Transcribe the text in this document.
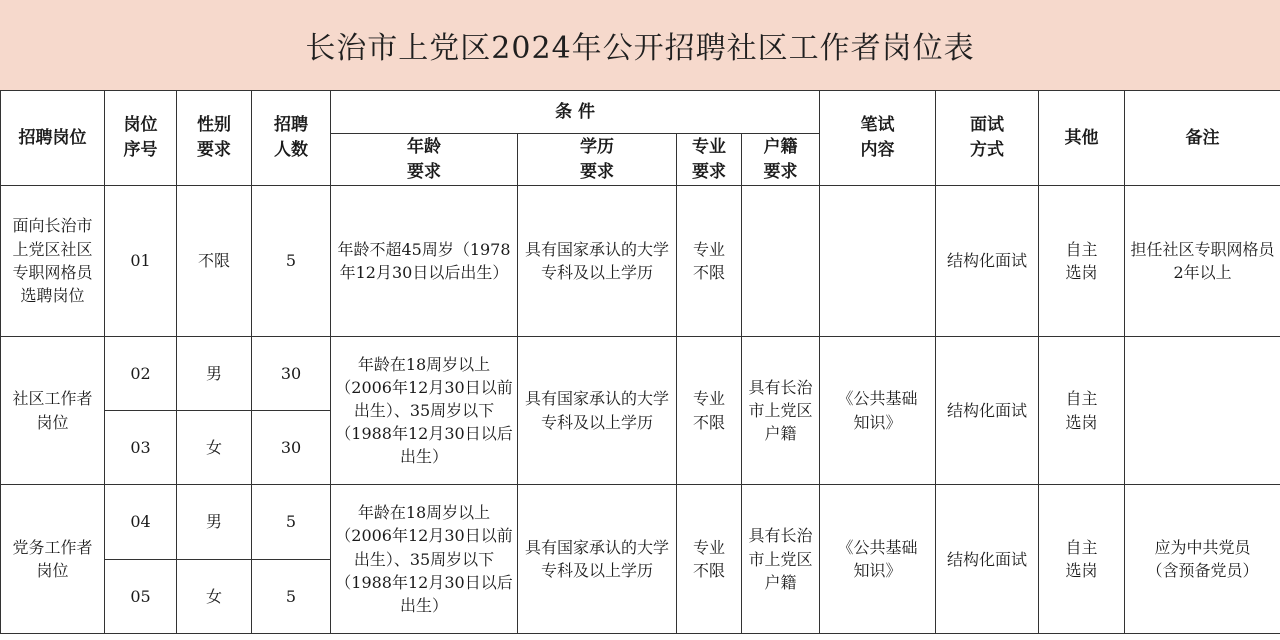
长治市上党区2024年公开招聘社区工作者岗位表
招聘岗位	岗位序号	性别要求	招聘人数	条 件				笔试内容	面试方式	其他	备注

				年龄要求	学历要求	专业要求	户籍要求				

面向长治市上党区社区专职网格员选聘岗位	01	不限	5	年龄不超45周岁（1978年12月30日以后出生）	具有国家承认的大学专科及以上学历	专业不限			结构化面试	自主选岗	担任社区专职网格员2年以上
社区工作者岗位	02	男	30	年龄在18周岁以上（2006年12月30日以前出生）、35周岁以下（1988年12月30日以后出生）	具有国家承认的大学专科及以上学历	专业不限	具有长治市上党区户籍	《公共基础知识》	结构化面试	自主选岗	

	03	女	30								
党务工作者岗位	04	男	5	年龄在18周岁以上（2006年12月30日以前出生）、35周岁以下（1988年12月30日以后出生）	具有国家承认的大学专科及以上学历	专业不限	具有长治市上党区户籍	《公共基础知识》	结构化面试	自主选岗	应为中共党员（含预备党员）

	05	女	5								
